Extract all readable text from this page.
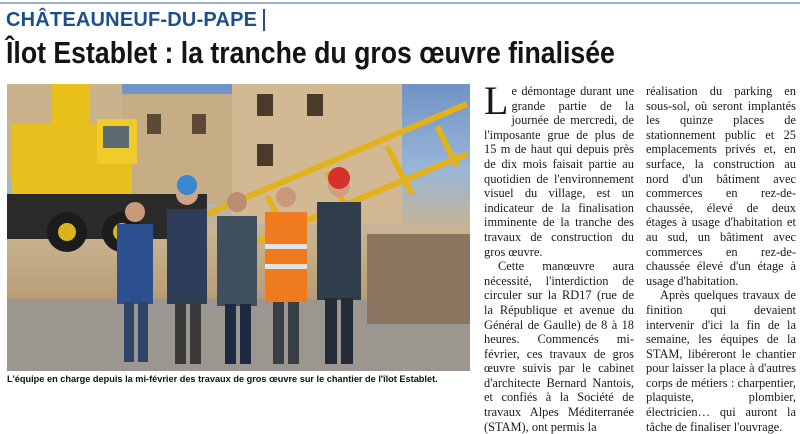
CHÂTEAUNEUF-DU-PAPE
Îlot Establet : la tranche du gros œuvre finalisée
L'équipe en charge depuis la mi-février des travaux de gros œuvre sur le chantier de l'îlot Establet.

Le démontage durant une grande partie de la journée de mercredi, de l'imposante grue de plus de 15 m de haut qui depuis près de dix mois faisait partie au quotidien de l'environnement visuel du village, est un indicateur de la finalisation imminente de la tranche des travaux de construction du gros œuvre.

Cette manœuvre aura nécessité, l'interdiction de circuler sur la RD17 (rue de la République et avenue du Général de Gaulle) de 8 à 18 heures. Commencés mi-février, ces travaux de gros œuvre suivis par le cabinet d'architecte Bernard Nantois, et confiés à la Société de travaux Alpes Méditerranée (STAM), ont permis la

réalisation du parking en sous-sol, où seront implantés les quinze places de stationnement public et 25 emplacements privés et, en surface, la construction au nord d'un bâtiment avec commerces en rez-de-chaussée, élevé de deux étages à usage d'habitation et au sud, un bâtiment avec commerces en rez-de-chaussée élevé d'un étage à usage d'habitation.

Après quelques travaux de finition qui devaient intervenir d'ici la fin de la semaine, les équipes de la STAM, libéreront le chantier pour laisser la place à d'autres corps de métiers : charpentier, plaquiste, plombier, électricien… qui auront la tâche de finaliser l'ouvrage.
